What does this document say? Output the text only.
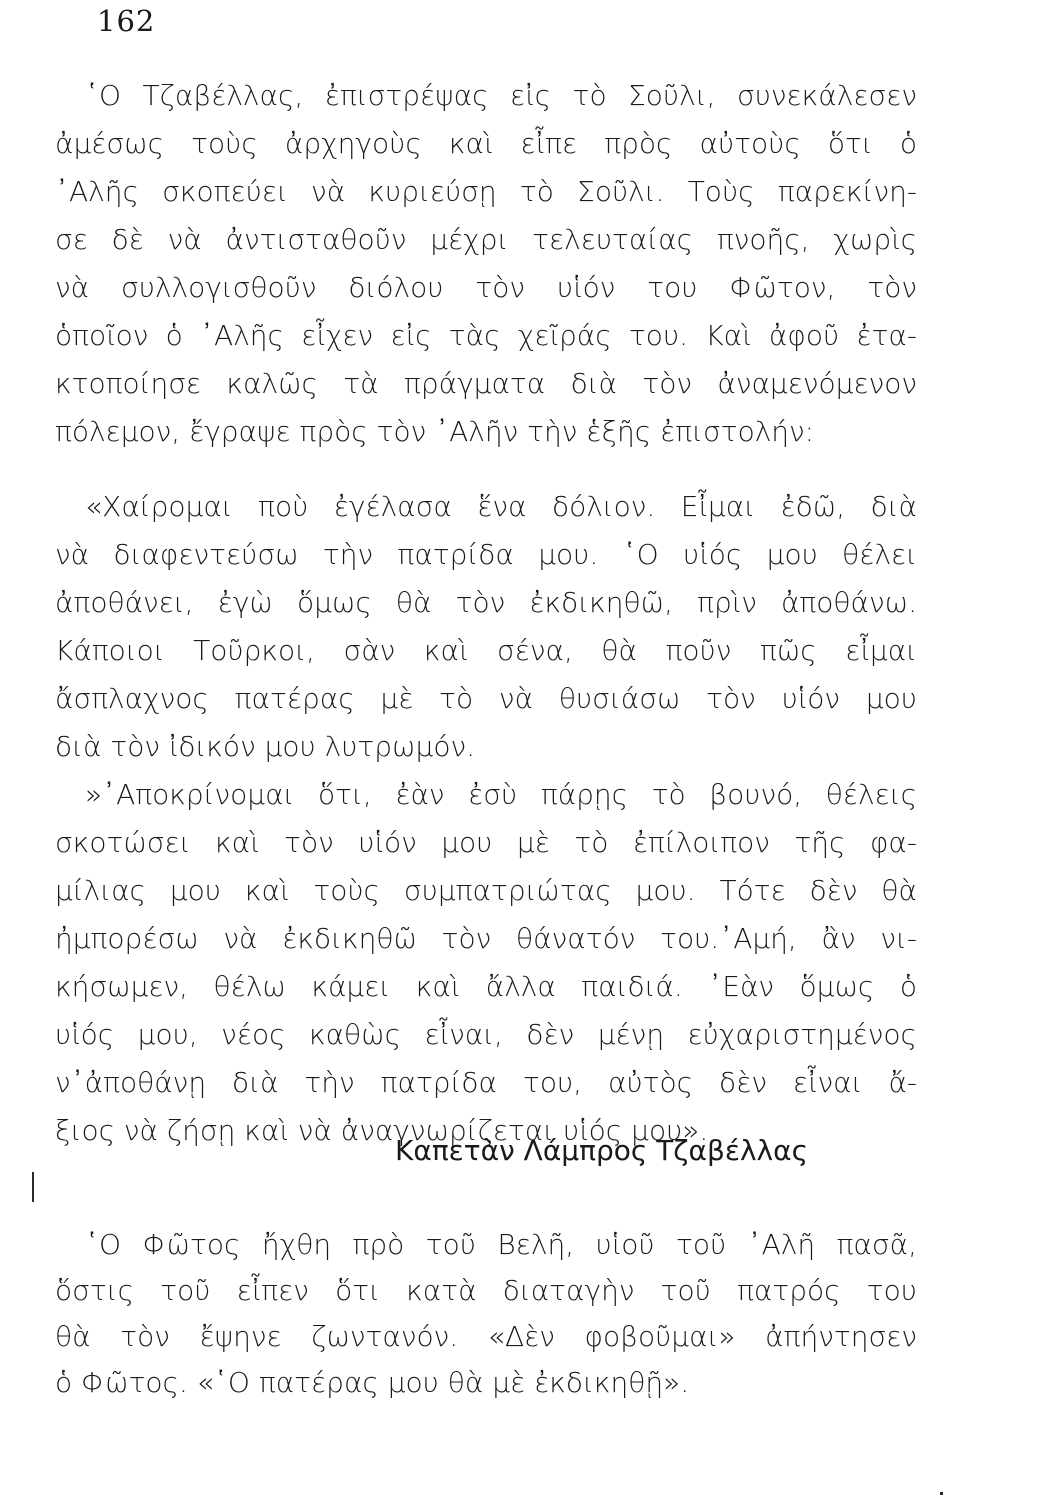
162
῾Ο Τζαβέλλας, ἐπιστρέψας εἰς τὸ Σοῦλι, συνεκάλεσεν
ἀμέσως τοὺς ἀρχηγοὺς καὶ εἶπε πρὸς αὐτοὺς ὅτι ὁ
᾿Αλῆς σκοπεύει νὰ κυριεύσῃ τὸ Σοῦλι. Τοὺς παρεκίνη-
σε δὲ νὰ ἀντισταθοῦν μέχρι τελευταίας πνοῆς, χωρὶς
νὰ συλλογισθοῦν διόλου τὸν υἱόν του Φῶτον, τὸν
ὁποῖον ὁ ᾿Αλῆς εἶχεν εἰς τὰς χεῖράς του. Καὶ ἀφοῦ ἐτα-
κτοποίησε καλῶς τὰ πράγματα διὰ τὸν ἀναμενόμενον
πόλεμον, ἔγραψε πρὸς τὸν ᾿Αλῆν τὴν ἑξῆς ἐπιστολήν:
«Χαίρομαι ποὺ ἐγέλασα ἕνα δόλιον. Εἶμαι ἐδῶ, διὰ
νὰ διαφεντεύσω τὴν πατρίδα μου. ῾Ο υἱός μου θέλει
ἀποθάνει, ἐγὼ ὅμως θὰ τὸν ἐκδικηθῶ, πρὶν ἀποθάνω.
Κάποιοι Τοῦρκοι, σὰν καὶ σένα, θὰ ποῦν πῶς εἶμαι
ἄσπλαχνος πατέρας μὲ τὸ νὰ θυσιάσω τὸν υἱόν μου
διὰ τὸν ἰδικόν μου λυτρωμόν.
»᾿Αποκρίνομαι ὅτι, ἐὰν ἐσὺ πάρῃς τὸ βουνό, θέλεις
σκοτώσει καὶ τὸν υἱόν μου μὲ τὸ ἐπίλοιπον τῆς φα-
μίλιας μου καὶ τοὺς συμπατριώτας μου. Τότε δὲν θὰ
ἠμπορέσω νὰ ἐκδικηθῶ τὸν θάνατόν του.᾿Αμή, ἂν νι-
κήσωμεν, θέλω κάμει καὶ ἄλλα παιδιά. ᾿Εὰν ὅμως ὁ
υἱός μου, νέος καθὼς εἶναι, δὲν μένῃ εὐχαριστημένος
ν᾿ἀποθάνῃ διὰ τὴν πατρίδα του, αὐτὸς δὲν εἶναι ἄ-
ξιος νὰ ζήσῃ καὶ νὰ ἀναγνωρίζεται υἱός μου».
Καπετὰν Λάμπρος Τζαβέλλας
῾Ο Φῶτος ἤχθη πρὸ τοῦ Βελῆ, υἱοῦ τοῦ ᾿Αλῆ πασᾶ,
ὅστις τοῦ εἶπεν ὅτι κατὰ διαταγὴν τοῦ πατρός του
θὰ τὸν ἔψηνε ζωντανόν. «Δὲν φοβοῦμαι» ἀπήντησεν
ὁ Φῶτος. «῾Ο πατέρας μου θὰ μὲ ἐκδικηθῇ».
